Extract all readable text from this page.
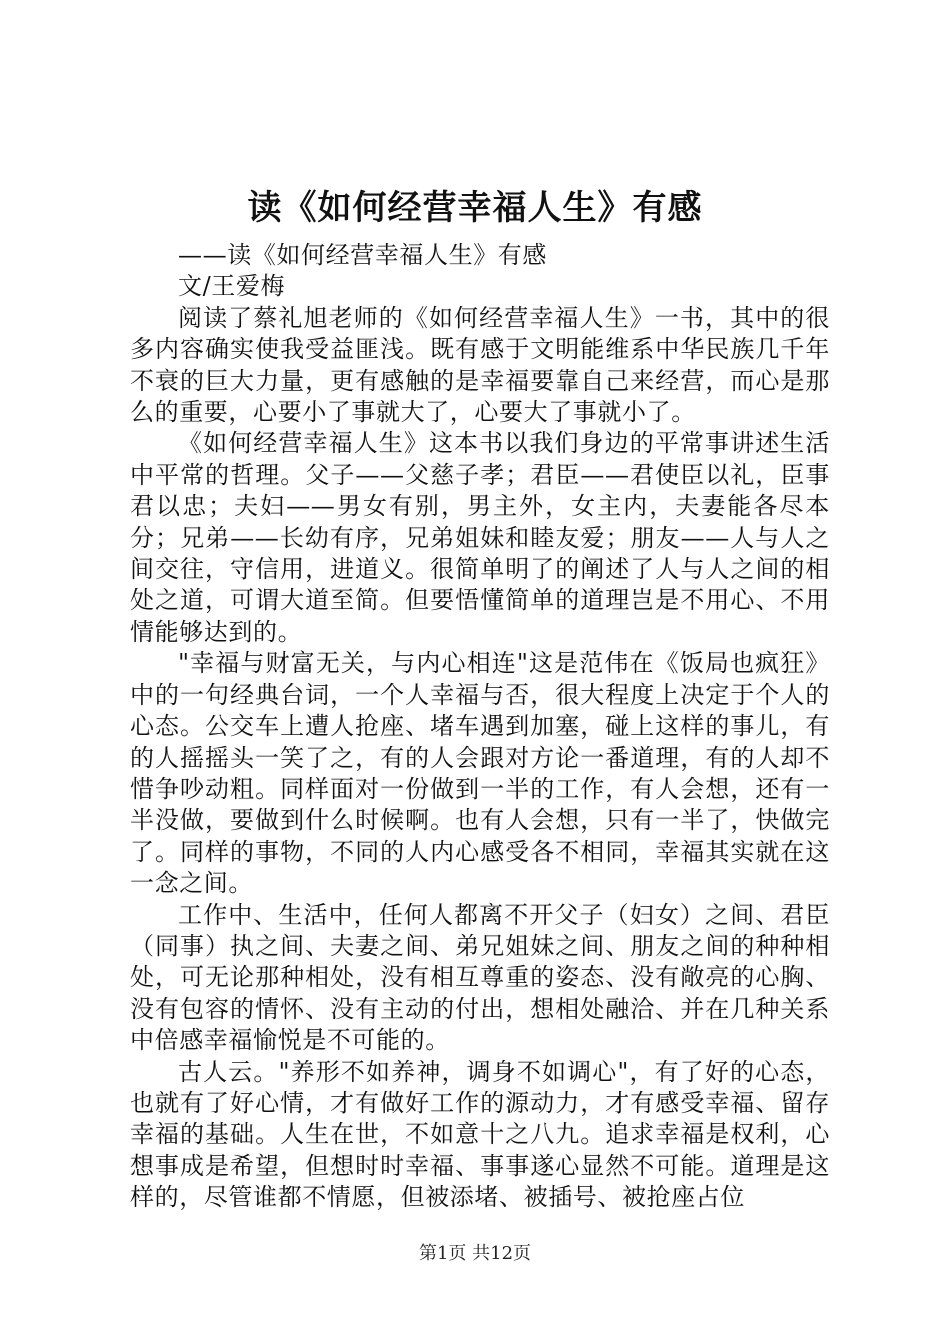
读《如何经营幸福人生》有感

——读《如何经营幸福人生》有感

文/王爱梅

阅读了蔡礼旭老师的《如何经营幸福人生》一书，其中的很多内容确实使我受益匪浅。既有感于文明能维系中华民族几千年不衰的巨大力量，更有感触的是幸福要靠自己来经营，而心是那么的重要，心要小了事就大了，心要大了事就小了。

《如何经营幸福人生》这本书以我们身边的平常事讲述生活中平常的哲理。父子——父慈子孝；君臣——君使臣以礼，臣事君以忠；夫妇——男女有别，男主外，女主内，夫妻能各尽本分；兄弟——长幼有序，兄弟姐妹和睦友爱；朋友——人与人之间交往，守信用，进道义。很简单明了的阐述了人与人之间的相处之道，可谓大道至简。但要悟懂简单的道理岂是不用心、不用情能够达到的。

"幸福与财富无关，与内心相连"这是范伟在《饭局也疯狂》中的一句经典台词，一个人幸福与否，很大程度上决定于个人的心态。公交车上遭人抢座、堵车遇到加塞，碰上这样的事儿，有的人摇摇头一笑了之，有的人会跟对方论一番道理，有的人却不惜争吵动粗。同样面对一份做到一半的工作，有人会想，还有一半没做，要做到什么时候啊。也有人会想，只有一半了，快做完了。同样的事物，不同的人内心感受各不相同，幸福其实就在这一念之间。

工作中、生活中，任何人都离不开父子（妇女）之间、君臣（同事）执之间、夫妻之间、弟兄姐妹之间、朋友之间的种种相处，可无论那种相处，没有相互尊重的姿态、没有敞亮的心胸、没有包容的情怀、没有主动的付出，想相处融洽、并在几种关系中倍感幸福愉悦是不可能的。

古人云。"养形不如养神，调身不如调心"，有了好的心态，也就有了好心情，才有做好工作的源动力，才有感受幸福、留存幸福的基础。人生在世，不如意十之八九。追求幸福是权利，心想事成是希望，但想时时幸福、事事遂心显然不可能。道理是这样的，尽管谁都不情愿，但被添堵、被插号、被抢座占位

第1页 共12页
